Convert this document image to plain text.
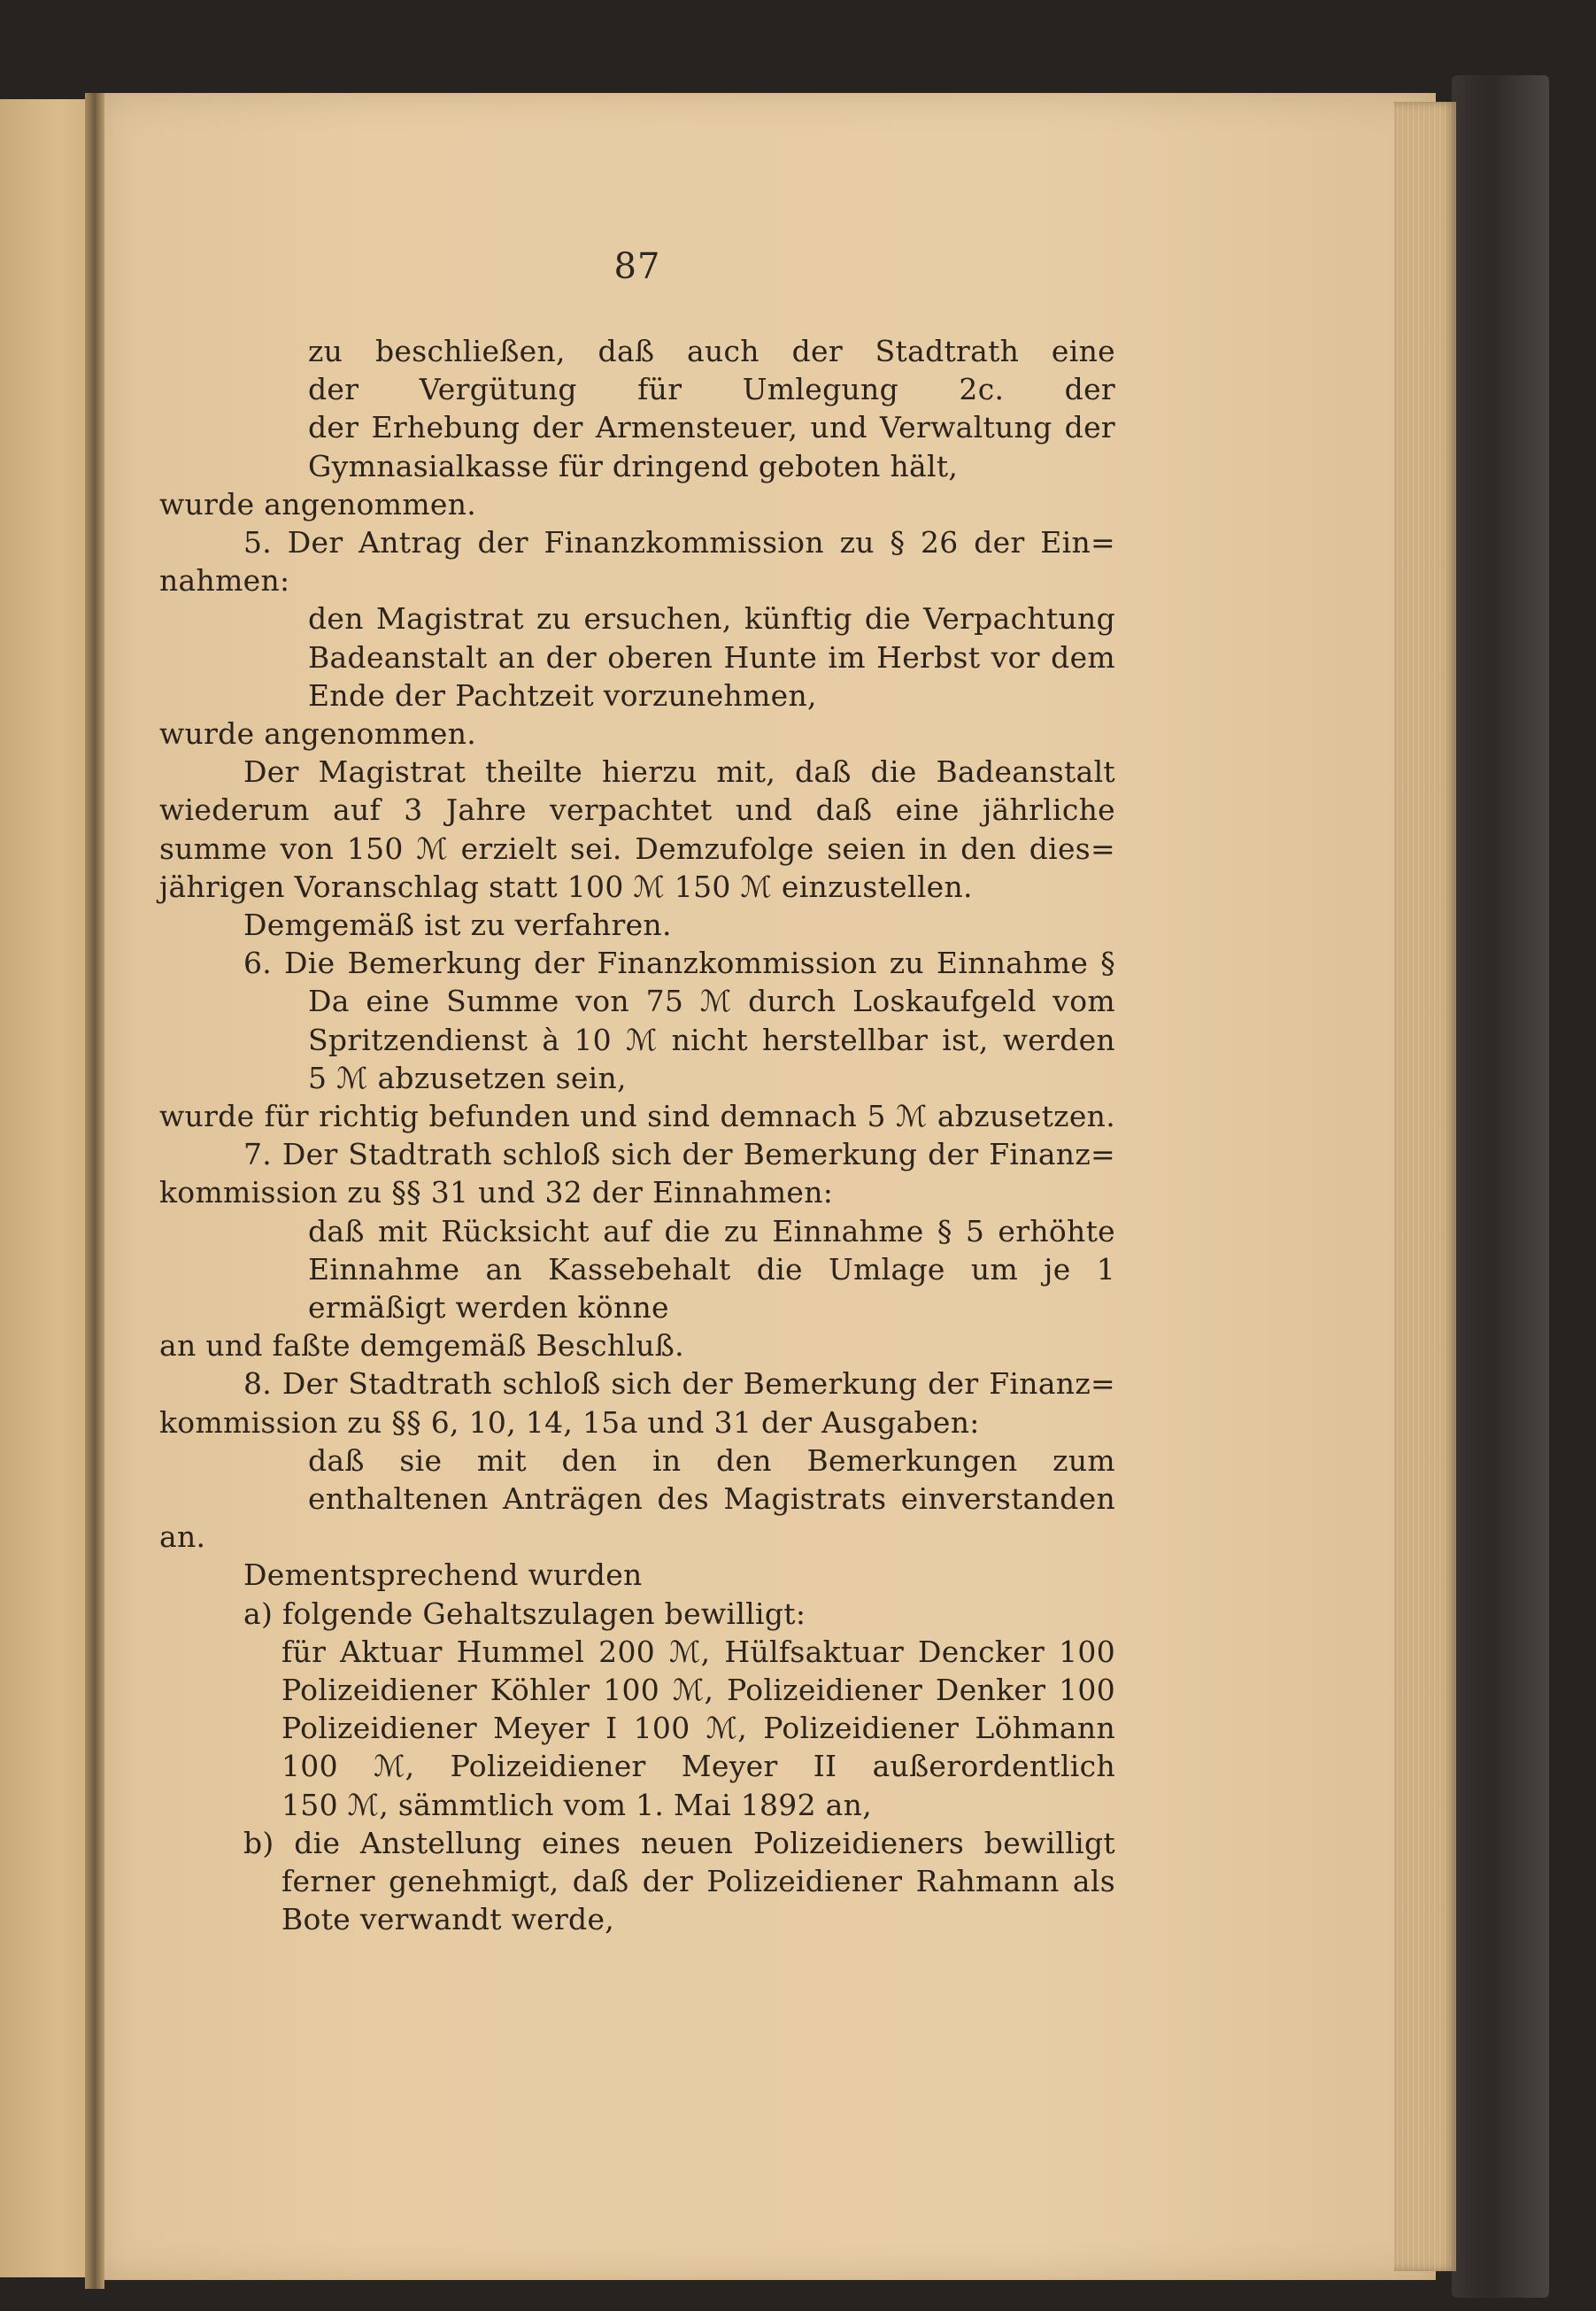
87
zu beschließen, daß auch der Stadtrath eine
der Vergütung für Umlegung 2c. der
der Erhebung der Armensteuer, und Verwaltung der
Gymnasialkasse für dringend geboten hält,
wurde angenommen.
5. Der Antrag der Finanzkommission zu § 26 der Ein=
nahmen:
den Magistrat zu ersuchen, künftig die Verpachtung
Badeanstalt an der oberen Hunte im Herbst vor dem
Ende der Pachtzeit vorzunehmen,
wurde angenommen.
Der Magistrat theilte hierzu mit, daß die Badeanstalt
wiederum auf 3 Jahre verpachtet und daß eine jährliche
summe von 150 ℳ erzielt sei. Demzufolge seien in den dies=
jährigen Voranschlag statt 100 ℳ 150 ℳ einzustellen.
Demgemäß ist zu verfahren.
6. Die Bemerkung der Finanzkommission zu Einnahme §
Da eine Summe von 75 ℳ durch Loskaufgeld vom
Spritzendienst à 10 ℳ nicht herstellbar ist, werden
5 ℳ abzusetzen sein,
wurde für richtig befunden und sind demnach 5 ℳ abzusetzen.
7. Der Stadtrath schloß sich der Bemerkung der Finanz=
kommission zu §§ 31 und 32 der Einnahmen:
daß mit Rücksicht auf die zu Einnahme § 5 erhöhte
Einnahme an Kassebehalt die Umlage um je 1
ermäßigt werden könne
an und faßte demgemäß Beschluß.
8. Der Stadtrath schloß sich der Bemerkung der Finanz=
kommission zu §§ 6, 10, 14, 15a und 31 der Ausgaben:
daß sie mit den in den Bemerkungen zum
enthaltenen Anträgen des Magistrats einverstanden
an.
Dementsprechend wurden
a) folgende Gehaltszulagen bewilligt:
für Aktuar Hummel 200 ℳ, Hülfsaktuar Dencker 100
Polizeidiener Köhler 100 ℳ, Polizeidiener Denker 100
Polizeidiener Meyer I 100 ℳ, Polizeidiener Löhmann
100 ℳ, Polizeidiener Meyer II außerordentlich
150 ℳ, sämmtlich vom 1. Mai 1892 an,
b) die Anstellung eines neuen Polizeidieners bewilligt
ferner genehmigt, daß der Polizeidiener Rahmann als
Bote verwandt werde,
